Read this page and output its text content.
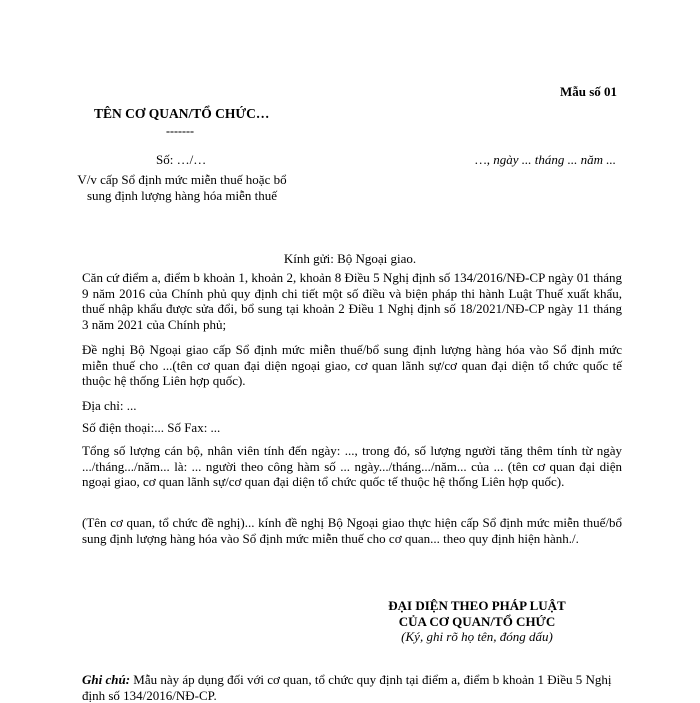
Mẫu số 01
TÊN CƠ QUAN/TỔ CHỨC…
-------
Số: …/…	…, ngày ... tháng ... năm ...
V/v cấp Sổ định mức miễn thuế hoặc bổ sung định lượng hàng hóa miễn thuế
Kính gửi: Bộ Ngoại giao.

Căn cứ điểm a, điểm b khoản 1, khoản 2, khoản 8 Điều 5 Nghị định số 134/2016/NĐ-CP ngày 01 tháng 9 năm 2016 của Chính phủ quy định chi tiết một số điều và biện pháp thi hành Luật Thuế xuất khẩu, thuế nhập khẩu được sửa đổi, bổ sung tại khoản 2 Điều 1 Nghị định số 18/2021/NĐ-CP ngày 11 tháng 3 năm 2021 của Chính phủ;

Đề nghị Bộ Ngoại giao cấp Sổ định mức miễn thuế/bổ sung định lượng hàng hóa vào Sổ định mức miễn thuế cho ...(tên cơ quan đại diện ngoại giao, cơ quan lãnh sự/cơ quan đại diện tổ chức quốc tế thuộc hệ thống Liên hợp quốc).

Địa chỉ: ...

Số điện thoại:... Số Fax: ...

Tổng số lượng cán bộ, nhân viên tính đến ngày: ..., trong đó, số lượng người tăng thêm tính từ ngày .../tháng.../năm... là: ... người theo công hàm số ... ngày.../tháng.../năm... của ... (tên cơ quan đại diện ngoại giao, cơ quan lãnh sự/cơ quan đại diện tổ chức quốc tế thuộc hệ thống Liên hợp quốc).

(Tên cơ quan, tổ chức đề nghị)... kính đề nghị Bộ Ngoại giao thực hiện cấp Sổ định mức miễn thuế/bổ sung định lượng hàng hóa vào Sổ định mức miễn thuế cho cơ quan... theo quy định hiện hành./.

ĐẠI DIỆN THEO PHÁP LUẬT
CỦA CƠ QUAN/TỔ CHỨC
(Ký, ghi rõ họ tên, đóng dấu)
Ghi chú: Mẫu này áp dụng đối với cơ quan, tổ chức quy định tại điểm a, điểm b khoản 1 Điều 5 Nghị định số 134/2016/NĐ-CP.
